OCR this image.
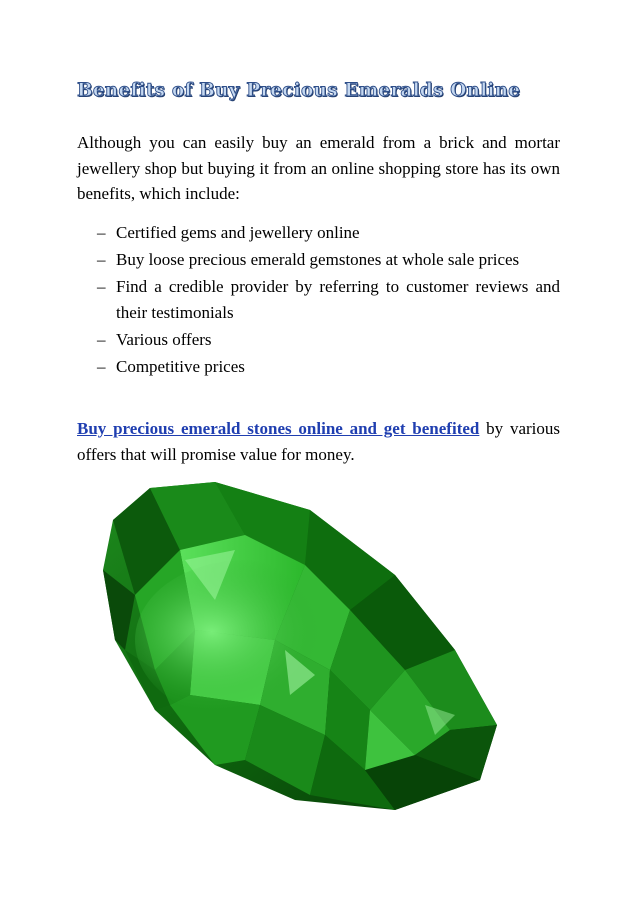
Benefits of Buy Precious Emeralds Online

Although you can easily buy an emerald from a brick and mortar jewellery shop but buying it from an online shopping store has its own benefits, which include:

– Certified gems and jewellery online
– Buy loose precious emerald gemstones at whole sale prices
– Find a credible provider by referring to customer reviews and their testimonials
– Various offers
– Competitive prices

Buy precious emerald stones online and get benefited by various offers that will promise value for money.
